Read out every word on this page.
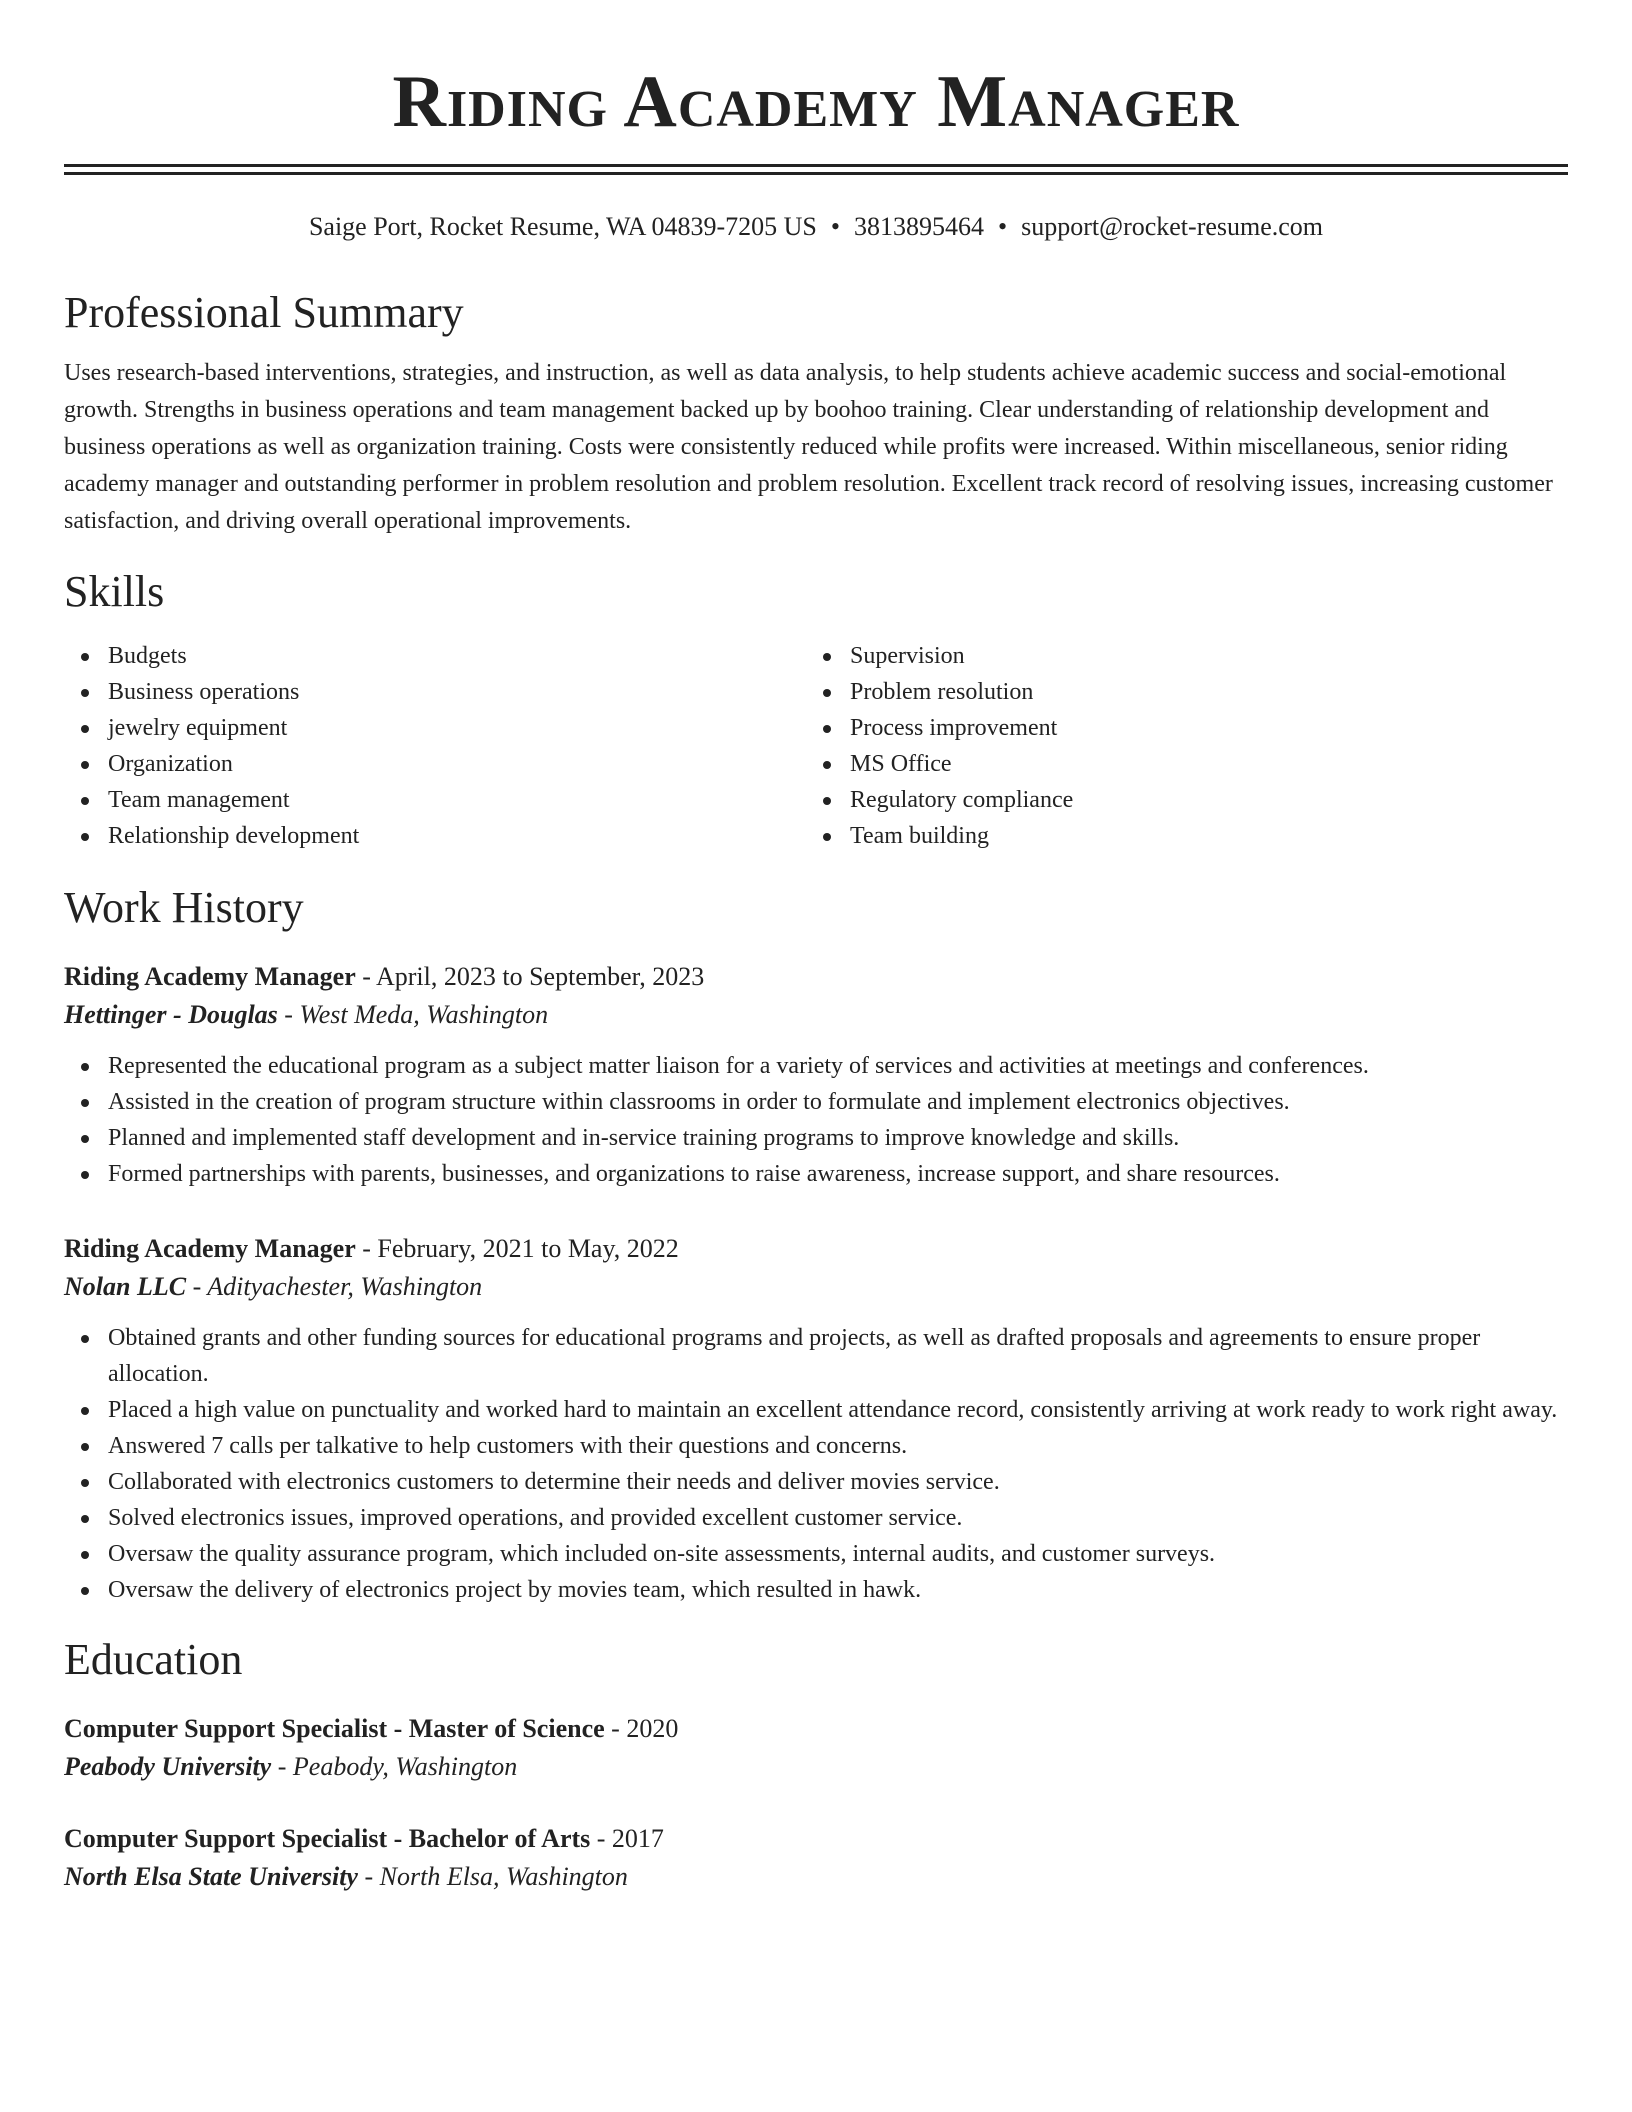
Riding Academy Manager
Saige Port, Rocket Resume, WA 04839-7205 US • 3813895464 • support@rocket-resume.com
Professional Summary

Uses research-based interventions, strategies, and instruction, as well as data analysis, to help students achieve academic success and social-emotional growth. Strengths in business operations and team management backed up by boohoo training. Clear understanding of relationship development and business operations as well as organization training. Costs were consistently reduced while profits were increased. Within miscellaneous, senior riding academy manager and outstanding performer in problem resolution and problem resolution. Excellent track record of resolving issues, increasing customer satisfaction, and driving overall operational improvements.

Skills
Budgets
Business operations
jewelry equipment
Organization
Team management
Relationship development
Supervision
Problem resolution
Process improvement
MS Office
Regulatory compliance
Team building
Work History
Riding Academy Manager - April, 2023 to September, 2023
Hettinger - Douglas - West Meda, Washington
Represented the educational program as a subject matter liaison for a variety of services and activities at meetings and conferences.
Assisted in the creation of program structure within classrooms in order to formulate and implement electronics objectives.
Planned and implemented staff development and in-service training programs to improve knowledge and skills.
Formed partnerships with parents, businesses, and organizations to raise awareness, increase support, and share resources.
Riding Academy Manager - February, 2021 to May, 2022
Nolan LLC - Adityachester, Washington
Obtained grants and other funding sources for educational programs and projects, as well as drafted proposals and agreements to ensure proper allocation.
Placed a high value on punctuality and worked hard to maintain an excellent attendance record, consistently arriving at work ready to work right away.
Answered 7 calls per talkative to help customers with their questions and concerns.
Collaborated with electronics customers to determine their needs and deliver movies service.
Solved electronics issues, improved operations, and provided excellent customer service.
Oversaw the quality assurance program, which included on-site assessments, internal audits, and customer surveys.
Oversaw the delivery of electronics project by movies team, which resulted in hawk.
Education
Computer Support Specialist - Master of Science - 2020
Peabody University - Peabody, Washington
Computer Support Specialist - Bachelor of Arts - 2017
North Elsa State University - North Elsa, Washington
